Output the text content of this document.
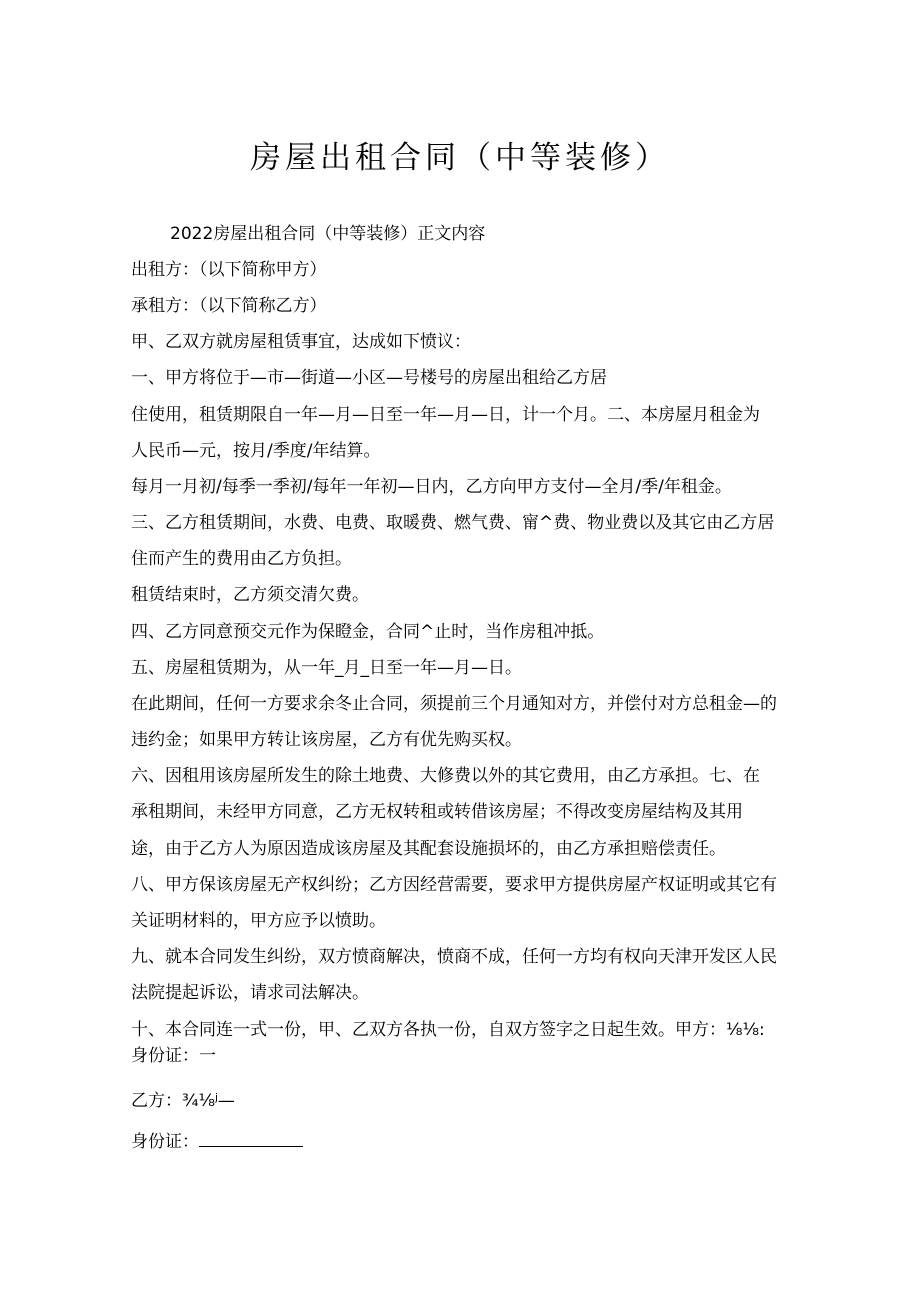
房屋出租合同（中等装修）

2022房屋出租合同（中等装修）正文内容

出租方：（以下简称甲方）

承租方：（以下简称乙方）

甲、乙双方就房屋租赁事宜，达成如下愤议：

一、甲方将位于—市—街道—小区—号楼号的房屋出租给乙方居

住使用，租赁期限自一年—月—日至一年—月—日，计一个月。二、本房屋月租金为

人民币—元，按月/季度/年结算。

每月一月初/每季一季初/每年一年初—日内，乙方向甲方支付—全月/季/年租金。

三、乙方租赁期间，水费、电费、取暖费、燃气费、甯^费、物业费以及其它由乙方居

住而产生的费用由乙方负担。

租赁结束时，乙方须交清欠费。

四、乙方同意预交元作为保瞪金，合同^止时，当作房租冲抵。

五、房屋租赁期为，从一年_月_日至一年—月—日。

在此期间，任何一方要求余冬止合同，须提前三个月通知对方，并偿付对方总租金—的

违约金；如果甲方转让该房屋，乙方有优先购买权。

六、因租用该房屋所发生的除土地费、大修费以外的其它费用，由乙方承担。七、在

承租期间，未经甲方同意，乙方无权转租或转借该房屋；不得改变房屋结构及其用

途，由于乙方人为原因造成该房屋及其配套设施损坏的，由乙方承担赔偿责任。

八、甲方保该房屋无产权纠纷；乙方因经营需要，要求甲方提供房屋产权证明或其它有

关证明材料的，甲方应予以愤助。

九、就本合同发生纠纷，双方愤商解决，愤商不成，任何一方均有权向天津开发区人民

法院提起诉讼，请求司法解决。

十、本合同连一式一份，甲、乙双方各执一份，自双方签字之日起生效。甲方：⅛⅛:

身份证：一

乙方：¾⅛ʲ—

身份证：
